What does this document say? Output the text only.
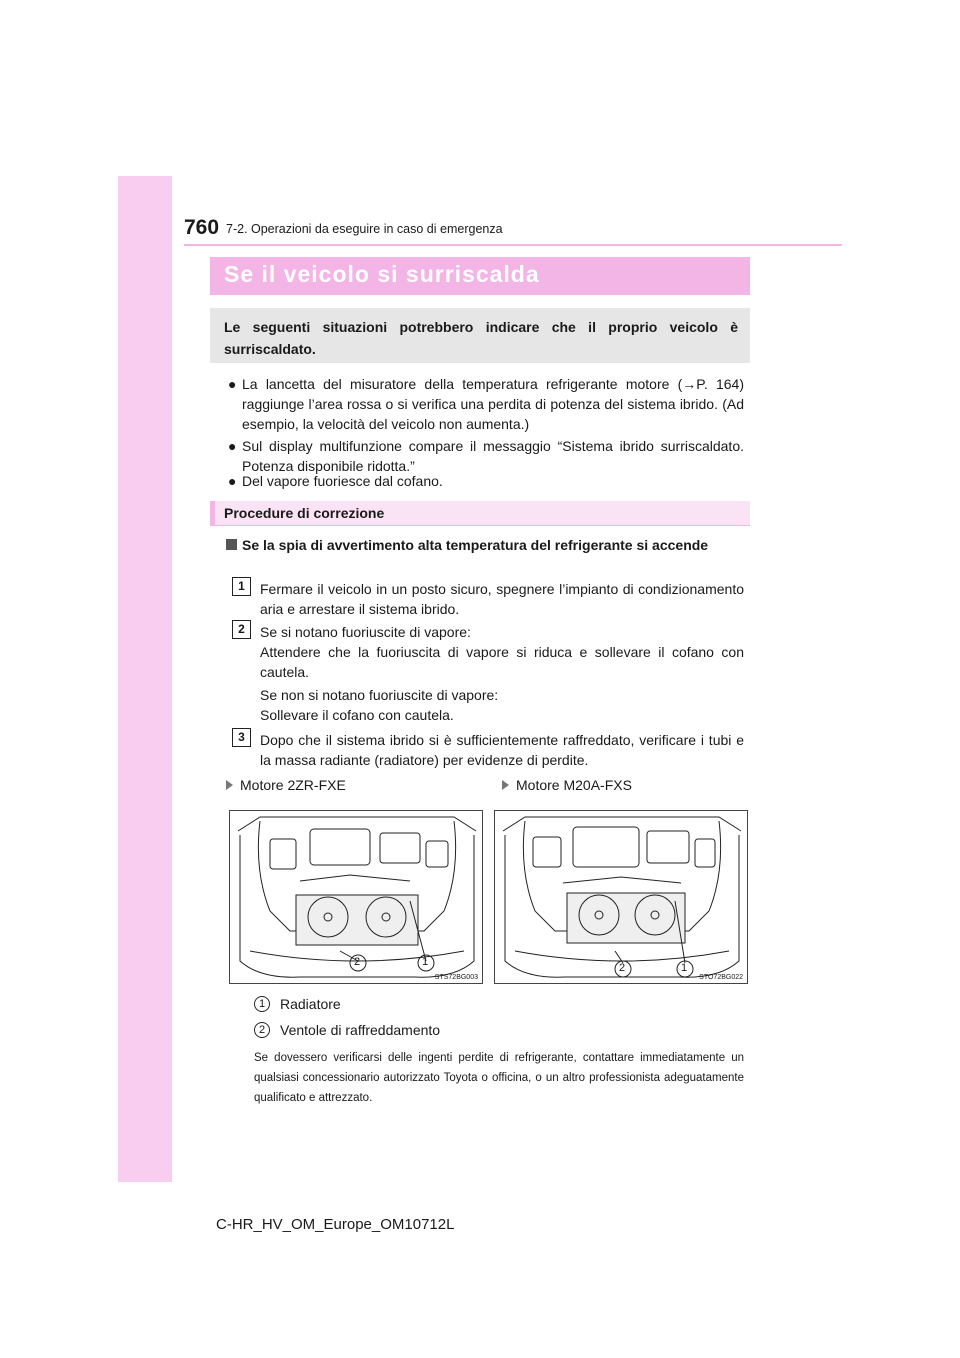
760 7-2. Operazioni da eseguire in caso di emergenza
Se il veicolo si surriscalda
Le seguenti situazioni potrebbero indicare che il proprio veicolo è surriscaldato.
● La lancetta del misuratore della temperatura refrigerante motore (→P. 164) raggiunge l’area rossa o si verifica una perdita di potenza del sistema ibrido. (Ad esempio, la velocità del veicolo non aumenta.)
● Sul display multifunzione compare il messaggio “Sistema ibrido surriscaldato. Potenza disponibile ridotta.”
● Del vapore fuoriesce dal cofano.
Procedure di correzione
Se la spia di avvertimento alta temperatura del refrigerante si accende
1	Fermare il veicolo in un posto sicuro, spegnere l’impianto di condizionamento aria e arrestare il sistema ibrido.
2	Se si notano fuoriuscite di vapore:
Attendere che la fuoriuscita di vapore si riduca e sollevare il cofano con cautela.
Se non si notano fuoriuscite di vapore:
Sollevare il cofano con cautela.
3	Dopo che il sistema ibrido si è sufficientemente raffreddato, verificare i tubi e la massa radiante (radiatore) per evidenze di perdite.
Motore 2ZR-FXE	Motore M20A-FXS
2	1
STS72BG003
2	1
STO72BG022
1	Radiatore
2	Ventole di raffreddamento
Se dovessero verificarsi delle ingenti perdite di refrigerante, contattare immediatamente un qualsiasi concessionario autorizzato Toyota o officina, o un altro professionista adeguatamente qualificato e attrezzato.
C-HR_HV_OM_Europe_OM10712L
